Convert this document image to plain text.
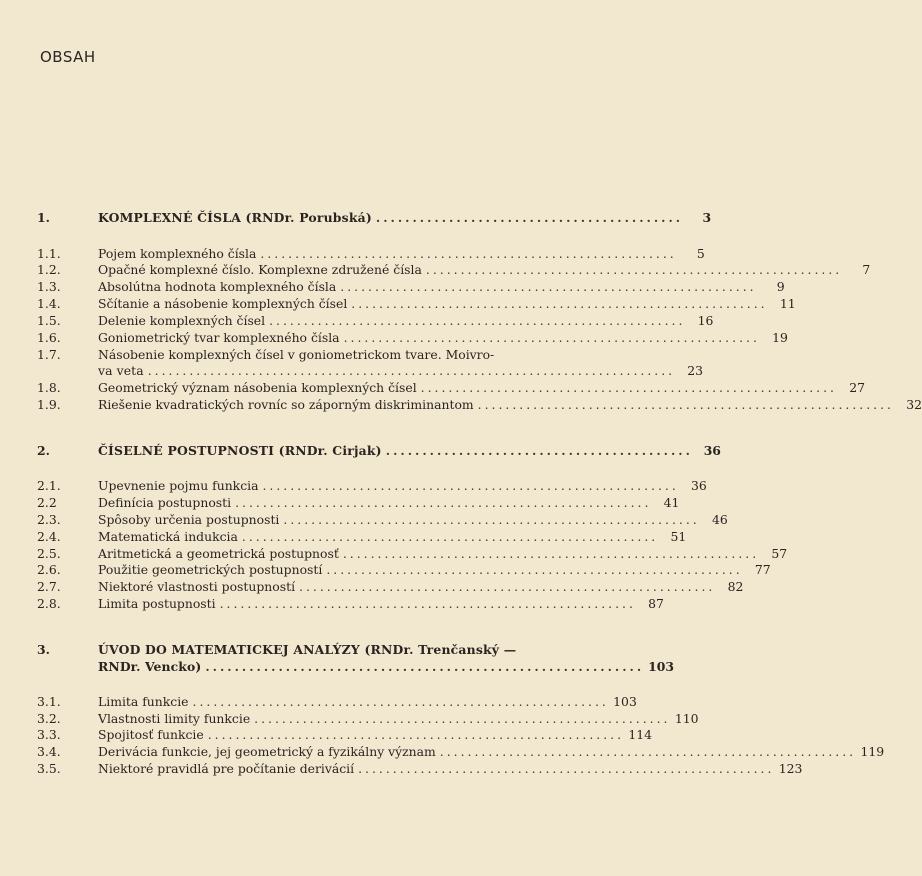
OBSAH
1.	KOMPLEXNÉ ČÍSLA (RNDr. Porubská) ..........................................	3
1.1.	Pojem komplexného čísla ............................................................	5
1.2.	Opačné komplexné číslo. Komplexne združené čísla ............................................................	7
1.3.	Absolútna hodnota komplexného čísla ............................................................	9
1.4.	Sčítanie a násobenie komplexných čísel ............................................................ 11
1.5.	Delenie komplexných čísel ............................................................ 16
1.6.	Goniometrický tvar komplexného čísla ............................................................ 19
1.7.	Násobenie komplexných čísel v goniometrickom tvare. Moivro-
va veta ............................................................................ 23
1.8.	Geometrický význam násobenia komplexných čísel ............................................................ 27
1.9.	Riešenie kvadratických rovníc so záporným diskriminantom ............................................................ 32
2.	ČÍSELNÉ POSTUPNOSTI (RNDr. Cirjak) .......................................... 36
2.1.	Upevnenie pojmu funkcia ............................................................ 36
2.2	Definícia postupnosti ............................................................ 41
2.3.	Spôsoby určenia postupnosti ............................................................ 46
2.4.	Matematická indukcia ............................................................ 51
2.5.	Aritmetická a geometrická postupnosť ............................................................ 57
2.6.	Použitie geometrických postupností ............................................................ 77
2.7.	Niektoré vlastnosti postupností ............................................................ 82
2.8.	Limita postupnosti ............................................................ 87
3.	ÚVOD DO MATEMATICKEJ ANALÝZY (RNDr. Trenčanský —
RNDr. Vencko) ............................................................ 103
3.1.	Limita funkcie ............................................................ 103
3.2.	Vlastnosti limity funkcie ............................................................ 110
3.3.	Spojitosť funkcie ............................................................ 114
3.4.	Derivácia funkcie, jej geometrický a fyzikálny význam ............................................................ 119
3.5.	Niektoré pravidlá pre počítanie derivácií ............................................................ 123
